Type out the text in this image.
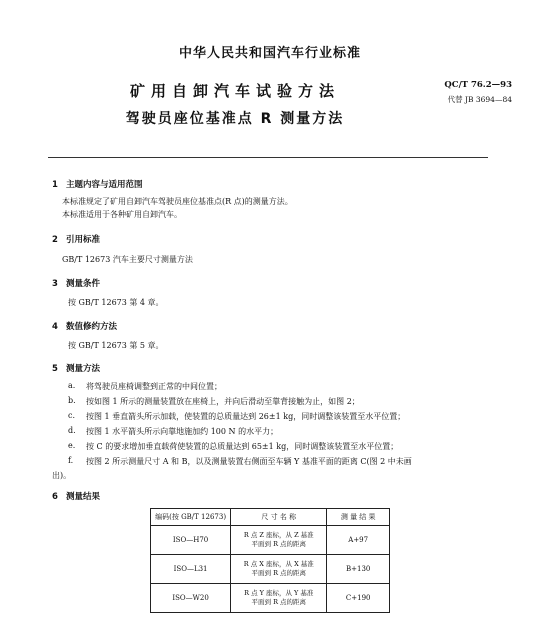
中华人民共和国汽车行业标准
矿用自卸汽车试验方法
驾驶员座位基准点 R 测量方法
QC/T 76.2—93
代替 JB 3694—84
1 主题内容与适用范围
本标准规定了矿用自卸汽车驾驶员座位基准点(R 点)的测量方法。
本标准适用于各种矿用自卸汽车。
2 引用标准
GB/T 12673 汽车主要尺寸测量方法
3 测量条件
按 GB/T 12673 第 4 章。
4 数值修约方法
按 GB/T 12673 第 5 章。
5 测量方法
a.	将驾驶员座椅调整到正常的中间位置；
b.	按如图 1 所示的测量装置放在座椅上，并向后滑动至靠背接触为止，如图 2；
c.	按图 1 垂直箭头所示加载，使装置的总质量达到 26±1 kg，同时调整该装置至水平位置；
d.	按图 1 水平箭头所示向靠地施加约 100 N 的水平力；
e.	按 C 的要求增加垂直载荷使装置的总质量达到 65±1 kg，同时调整该装置至水平位置；
f.	按图 2 所示测量尺寸 A 和 B，以及测量装置右侧面至车辆 Y 基准平面的距离 C(图 2 中未画
出)。
6 测量结果
编码(按 GB/T 12673)	尺 寸 名 称	测 量 结 果
ISO—H70	R 点 Z 座标，从 Z 基准
平面到 R 点的距离	A+97
ISO—L31	R 点 X 座标，从 X 基准
平面到 R 点的距离	B+130
ISO—W20	R 点 Y 座标，从 Y 基准
平面到 R 点的距离	C+190
